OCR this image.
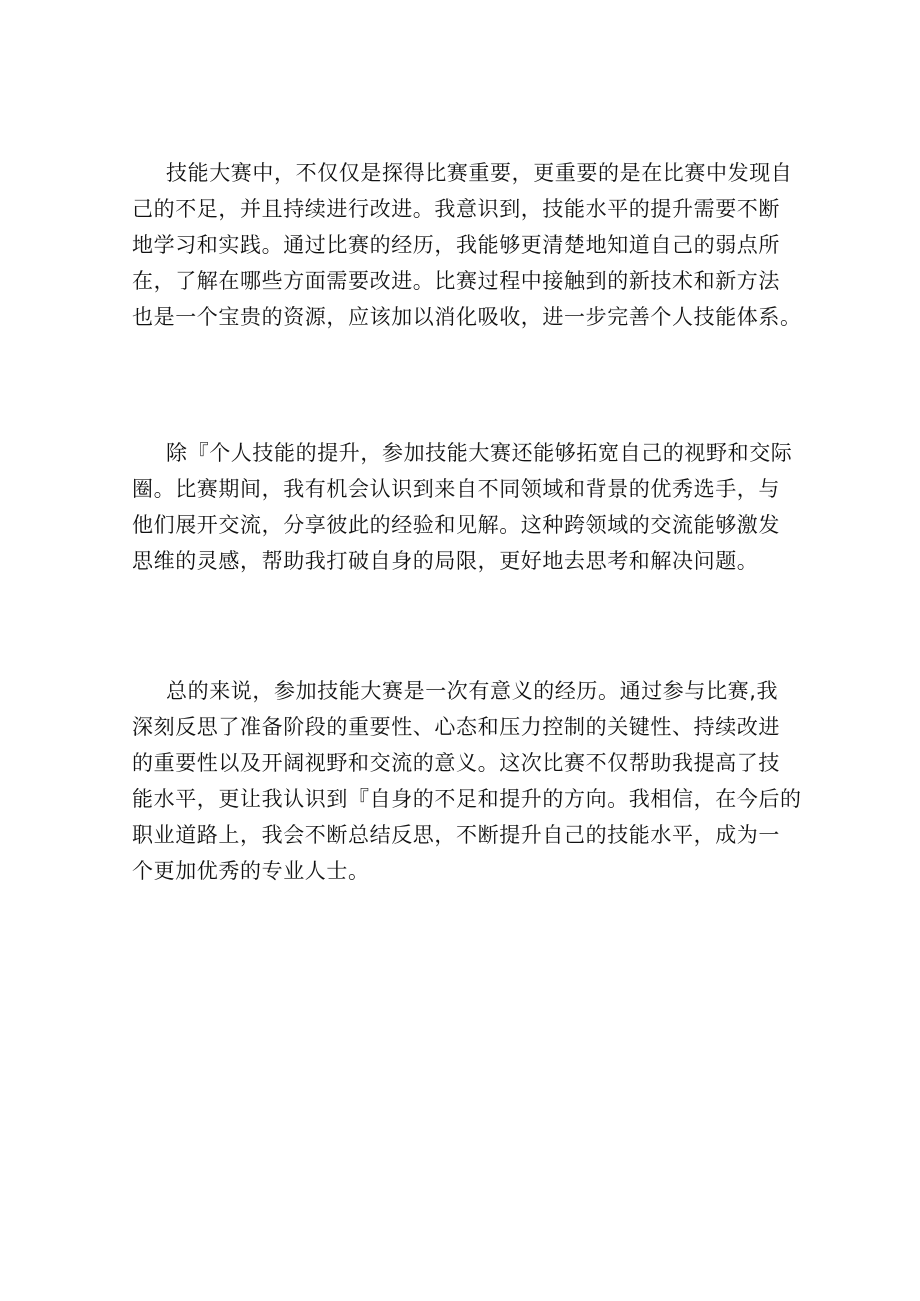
技能大赛中，不仅仅是探得比赛重要，更重要的是在比赛中发现自
己的不足，并且持续进行改进。我意识到，技能水平的提升需要不断
地学习和实践。通过比赛的经历，我能够更清楚地知道自己的弱点所
在，了解在哪些方面需要改进。比赛过程中接触到的新技术和新方法
也是一个宝贵的资源，应该加以消化吸收，进一步完善个人技能体系。
除『个人技能的提升，参加技能大赛还能够拓宽自己的视野和交际
圈。比赛期间，我有机会认识到来自不同领域和背景的优秀选手，与
他们展开交流，分享彼此的经验和见解。这种跨领域的交流能够激发
思维的灵感，帮助我打破自身的局限，更好地去思考和解决问题。
总的来说，参加技能大赛是一次有意义的经历。通过参与比赛,我
深刻反思了准备阶段的重要性、心态和压力控制的关键性、持续改进
的重要性以及开阔视野和交流的意义。这次比赛不仅帮助我提高了技
能水平，更让我认识到『自身的不足和提升的方向。我相信，在今后的
职业道路上，我会不断总结反思，不断提升自己的技能水平，成为一
个更加优秀的专业人士。
